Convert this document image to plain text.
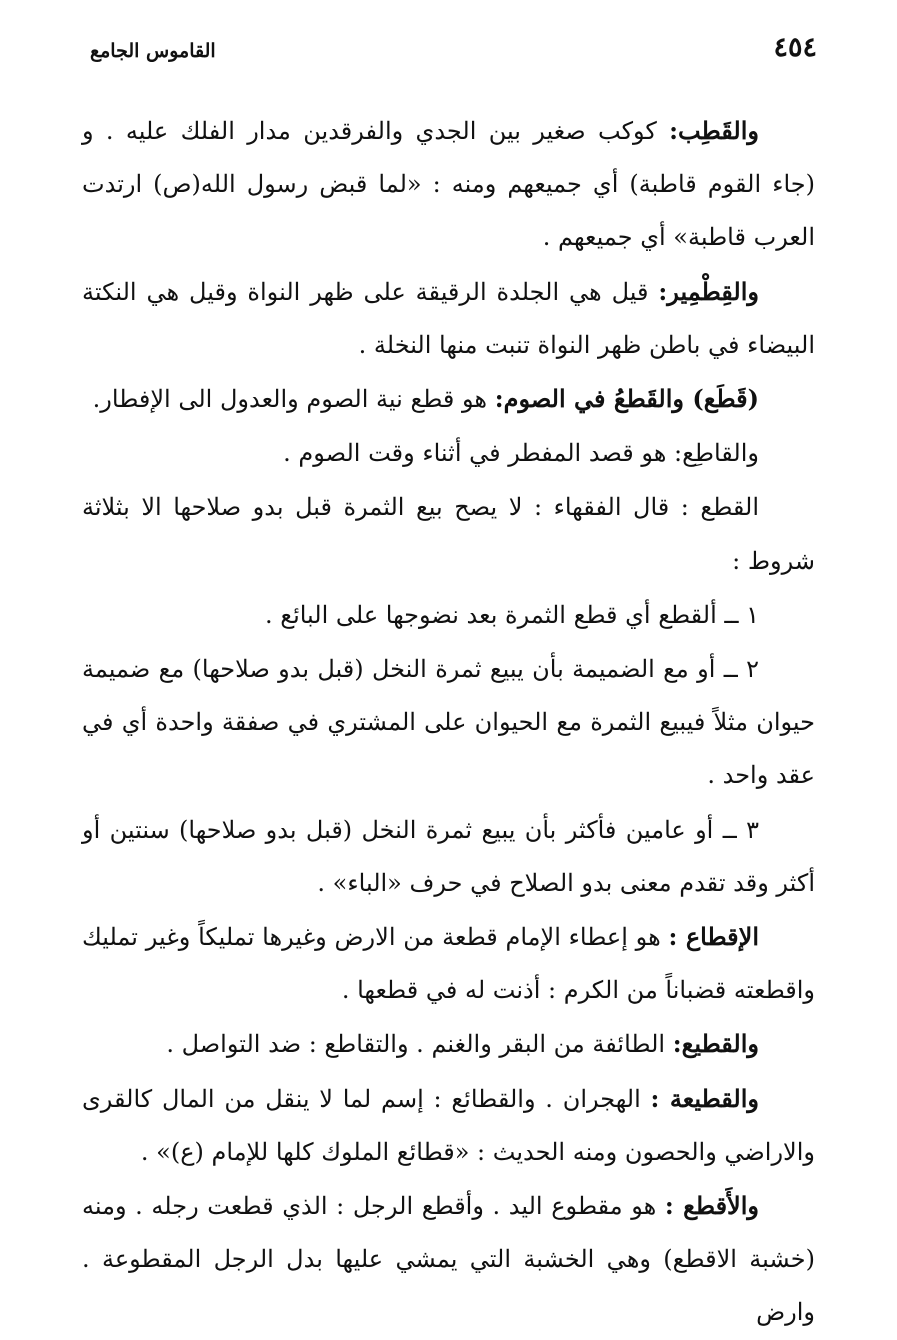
القاموس الجامع	٤٥٤

والقَطِب: كوكب صغير بين الجدي والفرقدين مدار الفلك عليه . و (جاء القوم قاطبة) أي جميعهم ومنه : «لما قبض رسول الله(ص) ارتدت العرب قاطبة» أي جميعهم .

والقِطْمِير: قيل هي الجلدة الرقيقة على ظهر النواة وقيل هي النكتة البيضاء في باطن ظهر النواة تنبت منها النخلة .

(قَطَع) والقَطعُ في الصوم: هو قطع نية الصوم والعدول الى الإفطار.

والقاطِع: هو قصد المفطر في أثناء وقت الصوم .

القطع : قال الفقهاء : لا يصح بيع الثمرة قبل بدو صلاحها الا بثلاثة شروط :

١ ــ ألقطع أي قطع الثمرة بعد نضوجها على البائع .

٢ ــ أو مع الضميمة بأن يبيع ثمرة النخل (قبل بدو صلاحها) مع ضميمة حيوان مثلاً فيبيع الثمرة مع الحيوان على المشتري في صفقة واحدة أي في عقد واحد .

٣ ــ أو عامين فأكثر بأن يبيع ثمرة النخل (قبل بدو صلاحها) سنتين أو أكثر وقد تقدم معنى بدو الصلاح في حرف «الباء» .

الإقطاع : هو إعطاء الإمام قطعة من الارض وغيرها تمليكاً وغير تمليك واقطعته قضباناً من الكرم : أذنت له في قطعها .

والقطيع: الطائفة من البقر والغنم . والتقاطع : ضد التواصل .

والقطيعة : الهجران . والقطائع : إسم لما لا ينقل من المال كالقرى والاراضي والحصون ومنه الحديث : «قطائع الملوك كلها للإمام (ع)» .

والأَقطع : هو مقطوع اليد . وأقطع الرجل : الذي قطعت رجله . ومنه (خشبة الاقطع) وهي الخشبة التي يمشي عليها بدل الرجل المقطوعة . وارض
